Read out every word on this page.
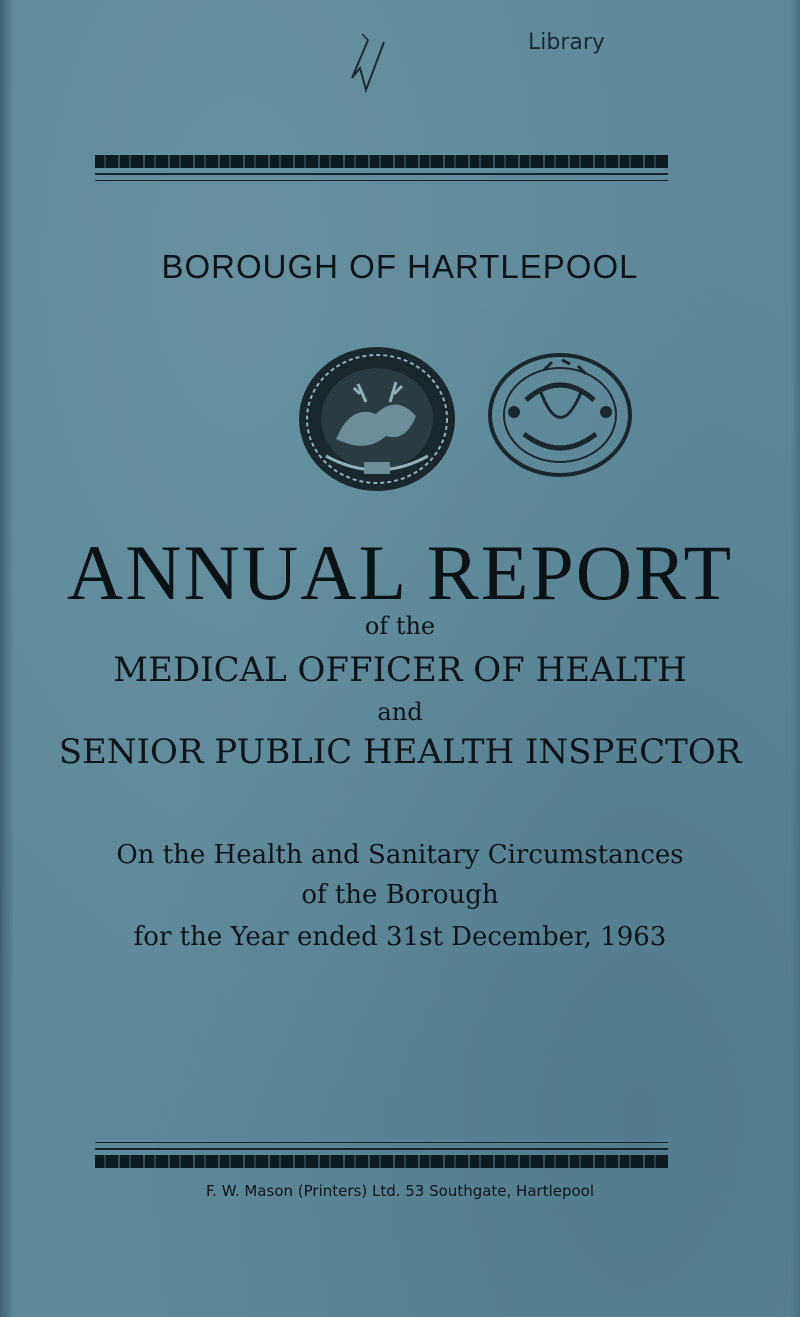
Library
BOROUGH OF HARTLEPOOL
ANNUAL REPORT
of the
MEDICAL OFFICER OF HEALTH
and
SENIOR PUBLIC HEALTH INSPECTOR
On the Health and Sanitary Circumstances
of the Borough
for the Year ended 31st December, 1963
F. W. Mason (Printers) Ltd. 53 Southgate, Hartlepool
